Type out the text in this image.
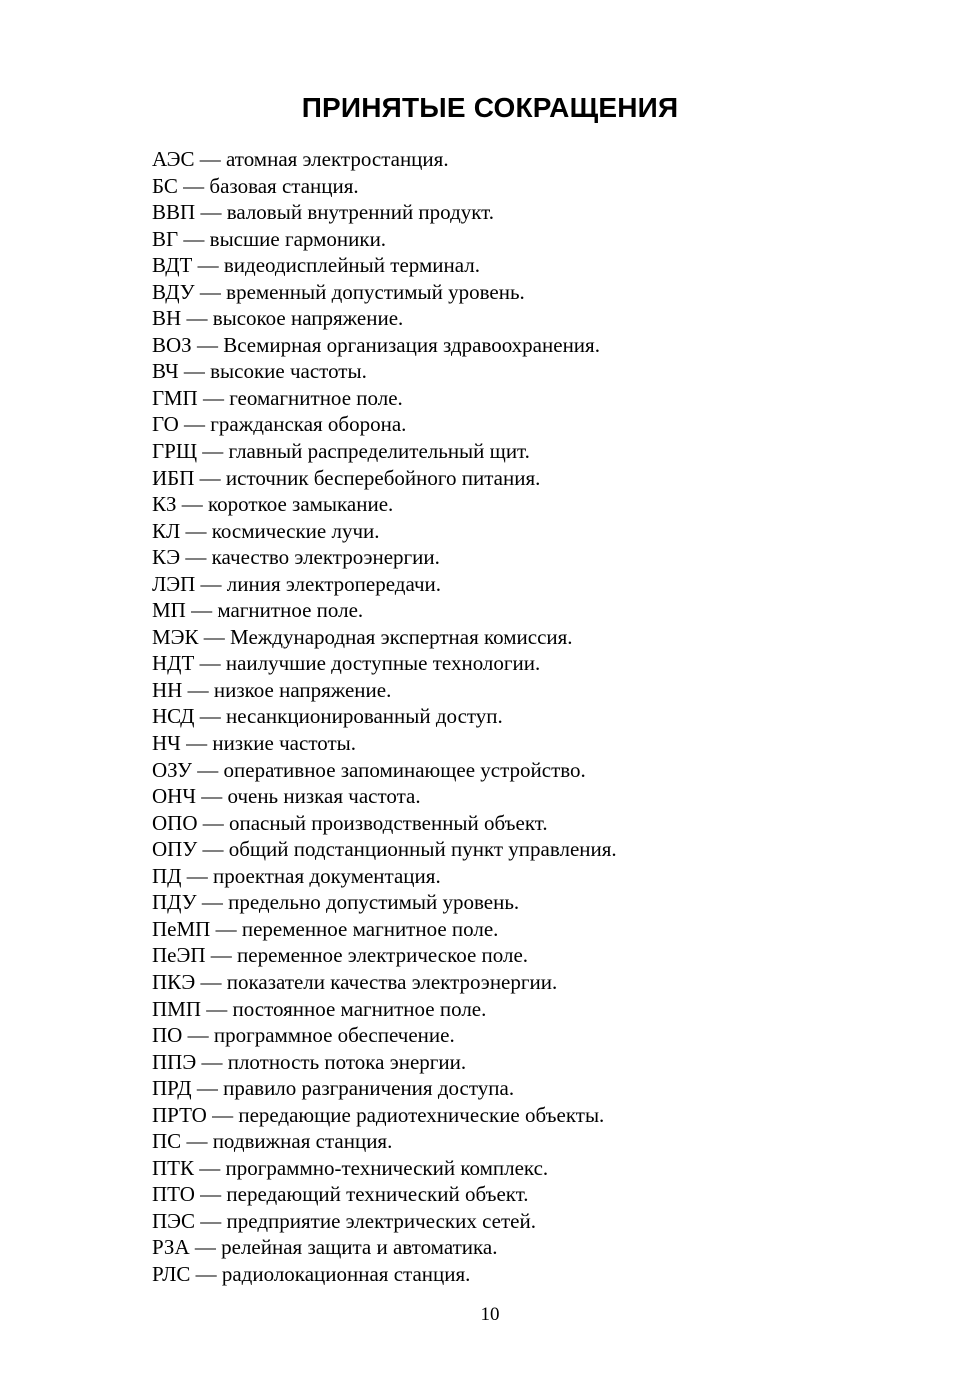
ПРИНЯТЫЕ СОКРАЩЕНИЯ
АЭС — атомная электростанция.
БС — базовая станция.
ВВП — валовый внутренний продукт.
ВГ — высшие гармоники.
ВДТ — видеодисплейный терминал.
ВДУ — временный допустимый уровень.
ВН — высокое напряжение.
ВОЗ — Всемирная организация здравоохранения.
ВЧ — высокие частоты.
ГМП — геомагнитное поле.
ГО — гражданская оборона.
ГРЩ — главный распределительный щит.
ИБП — источник бесперебойного питания.
КЗ — короткое замыкание.
КЛ — космические лучи.
КЭ — качество электроэнергии.
ЛЭП — линия электропередачи.
МП — магнитное поле.
МЭК — Международная экспертная комиссия.
НДТ — наилучшие доступные технологии.
НН — низкое напряжение.
НСД — несанкционированный доступ.
НЧ — низкие частоты.
ОЗУ — оперативное запоминающее устройство.
ОНЧ — очень низкая частота.
ОПО — опасный производственный объект.
ОПУ — общий подстанционный пункт управления.
ПД — проектная документация.
ПДУ — предельно допустимый уровень.
ПеМП — переменное магнитное поле.
ПеЭП — переменное электрическое поле.
ПКЭ — показатели качества электроэнергии.
ПМП — постоянное магнитное поле.
ПО — программное обеспечение.
ППЭ — плотность потока энергии.
ПРД — правило разграничения доступа.
ПРТО — передающие радиотехнические объекты.
ПС — подвижная станция.
ПТК — программно-технический комплекс.
ПТО — передающий технический объект.
ПЭС — предприятие электрических сетей.
РЗА — релейная защита и автоматика.
РЛС — радиолокационная станция.
10
